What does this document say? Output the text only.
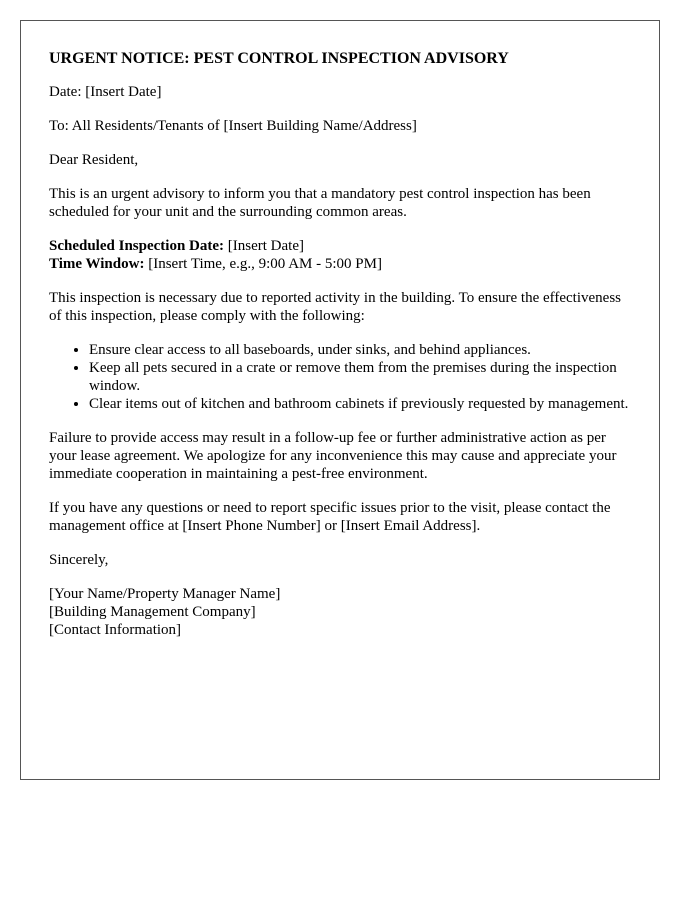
URGENT NOTICE: PEST CONTROL INSPECTION ADVISORY

Date: [Insert Date]

To: All Residents/Tenants of [Insert Building Name/Address]

Dear Resident,

This is an urgent advisory to inform you that a mandatory pest control inspection has been scheduled for your unit and the surrounding common areas.

Scheduled Inspection Date: [Insert Date]
Time Window: [Insert Time, e.g., 9:00 AM - 5:00 PM]

This inspection is necessary due to reported activity in the building. To ensure the effectiveness of this inspection, please comply with the following:

• Ensure clear access to all baseboards, under sinks, and behind appliances.
• Keep all pets secured in a crate or remove them from the premises during the inspection window.
• Clear items out of kitchen and bathroom cabinets if previously requested by management.

Failure to provide access may result in a follow-up fee or further administrative action as per your lease agreement. We apologize for any inconvenience this may cause and appreciate your immediate cooperation in maintaining a pest-free environment.

If you have any questions or need to report specific issues prior to the visit, please contact the management office at [Insert Phone Number] or [Insert Email Address].

Sincerely,

[Your Name/Property Manager Name]
[Building Management Company]
[Contact Information]
